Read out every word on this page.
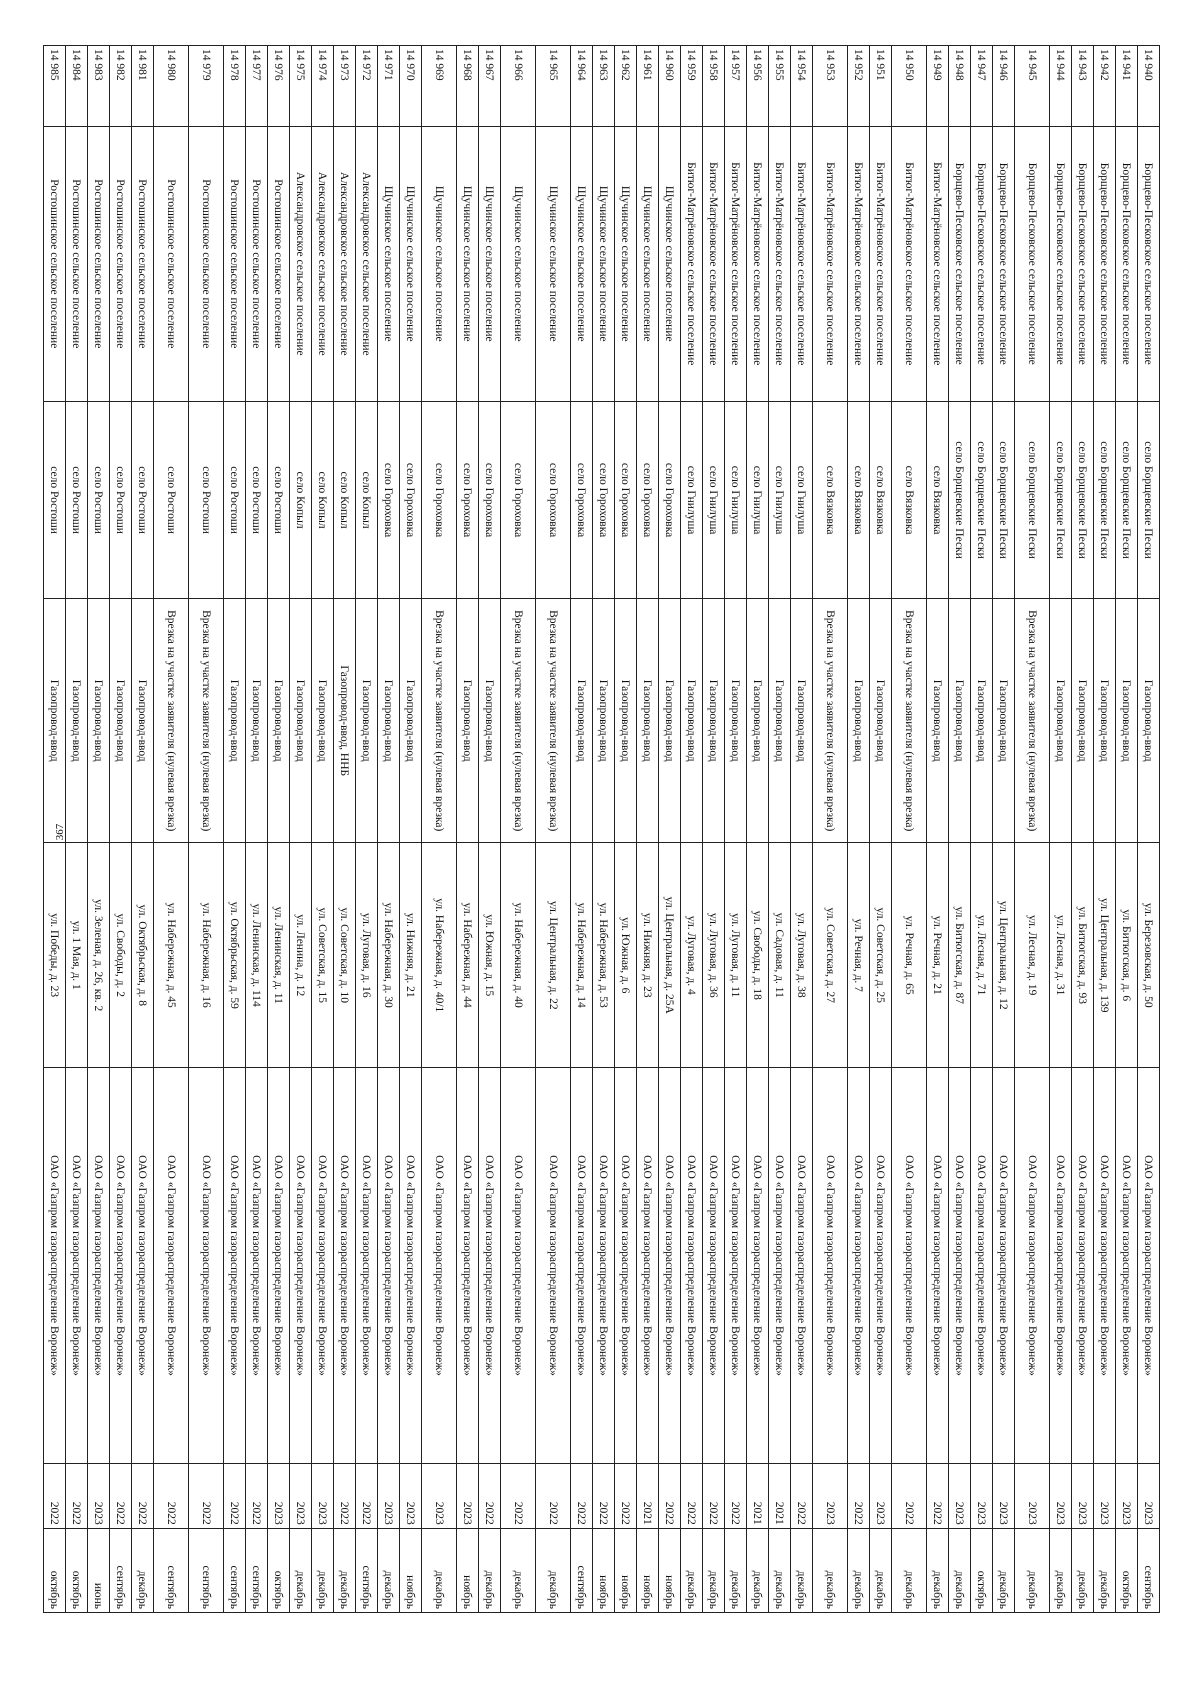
367
14 940	Борщево-Песковское сельское поселение	село Борщевские Пески	Газопровод-ввод	ул. Березовская, д. 50	ОАО «Газпром газораспределение Воронеж»	2023	сентябрь
14 941	Борщево-Песковское сельское поселение	село Борщевские Пески	Газопровод-ввод	ул. Битюгская, д. 6	ОАО «Газпром газораспределение Воронеж»	2023	октябрь
14 942	Борщево-Песковское сельское поселение	село Борщевские Пески	Газопровод-ввод	ул. Центральная, д. 139	ОАО «Газпром газораспределение Воронеж»	2023	декабрь
14 943	Борщево-Песковское сельское поселение	село Борщевские Пески	Газопровод-ввод	ул. Битюгская, д. 93	ОАО «Газпром газораспределение Воронеж»	2023	декабрь
14 944	Борщево-Песковское сельское поселение	село Борщевские Пески	Газопровод-ввод	ул. Лесная, д. 31	ОАО «Газпром газораспределение Воронеж»	2023	декабрь
14 945	Борщево-Песковское сельское поселение	село Борщевские Пески	Врезка на участке заявителя (нулевая врезка)	ул. Лесная, д. 19	ОАО «Газпром газораспределение Воронеж»	2023	декабрь
14 946	Борщево-Песковское сельское поселение	село Борщевские Пески	Газопровод-ввод	ул. Центральная, д. 12	ОАО «Газпром газораспределение Воронеж»	2023	декабрь
14 947	Борщево-Песковское сельское поселение	село Борщевские Пески	Газопровод-ввод	ул. Лесная, д. 71	ОАО «Газпром газораспределение Воронеж»	2023	октябрь
14 948	Борщево-Песковское сельское поселение	село Борщевские Пески	Газопровод-ввод	ул. Битюгская, д. 87	ОАО «Газпром газораспределение Воронеж»	2023	декабрь
14 949	Битюг-Матрёновское сельское поселение	село Вязковка	Газопровод-ввод	ул. Речная, д. 21	ОАО «Газпром газораспределение Воронеж»	2022	декабрь
14 950	Битюг-Матрёновское сельское поселение	село Вязковка	Врезка на участке заявителя (нулевая врезка)	ул. Речная, д. 65	ОАО «Газпром газораспределение Воронеж»	2022	декабрь
14 951	Битюг-Матрёновское сельское поселение	село Вязковка	Газопровод-ввод	ул. Советская, д. 25	ОАО «Газпром газораспределение Воронеж»	2023	декабрь
14 952	Битюг-Матрёновское сельское поселение	село Вязковка	Газопровод-ввод	ул. Речная, д. 7	ОАО «Газпром газораспределение Воронеж»	2022	декабрь
14 953	Битюг-Матрёновское сельское поселение	село Вязковка	Врезка на участке заявителя (нулевая врезка)	ул. Советская, д. 27	ОАО «Газпром газораспределение Воронеж»	2023	декабрь
14 954	Битюг-Матрёновское сельское поселение	село Гнилуша	Газопровод-ввод	ул. Луговая, д. 38	ОАО «Газпром газораспределение Воронеж»	2022	декабрь
14 955	Битюг-Матрёновское сельское поселение	село Гнилуша	Газопровод-ввод	ул. Садовая, д. 11	ОАО «Газпром газораспределение Воронеж»	2021	декабрь
14 956	Битюг-Матрёновское сельское поселение	село Гнилуша	Газопровод-ввод	ул. Свободы, д. 18	ОАО «Газпром газораспределение Воронеж»	2021	декабрь
14 957	Битюг-Матрёновское сельское поселение	село Гнилуша	Газопровод-ввод	ул. Луговая, д. 11	ОАО «Газпром газораспределение Воронеж»	2022	декабрь
14 958	Битюг-Матрёновское сельское поселение	село Гнилуша	Газопровод-ввод	ул. Луговая, д. 36	ОАО «Газпром газораспределение Воронеж»	2022	декабрь
14 959	Битюг-Матрёновское сельское поселение	село Гнилуша	Газопровод-ввод	ул. Луговая, д. 4	ОАО «Газпром газораспределение Воронеж»	2022	декабрь
14 960	Щучинское сельское поселение	село Гороховка	Газопровод-ввод	ул. Центральная, д. 25А	ОАО «Газпром газораспределение Воронеж»	2022	ноябрь
14 961	Щучинское сельское поселение	село Гороховка	Газопровод-ввод	ул. Нижняя, д. 23	ОАО «Газпром газораспределение Воронеж»	2021	ноябрь
14 962	Щучинское сельское поселение	село Гороховка	Газопровод-ввод	ул. Южная, д. 6	ОАО «Газпром газораспределение Воронеж»	2022	ноябрь
14 963	Щучинское сельское поселение	село Гороховка	Газопровод-ввод	ул. Набережная, д. 53	ОАО «Газпром газораспределение Воронеж»	2022	ноябрь
14 964	Щучинское сельское поселение	село Гороховка	Газопровод-ввод	ул. Набережная, д. 14	ОАО «Газпром газораспределение Воронеж»	2022	сентябрь
14 965	Щучинское сельское поселение	село Гороховка	Врезка на участке заявителя (нулевая врезка)	ул. Центральная, д. 22	ОАО «Газпром газораспределение Воронеж»	2022	декабрь
14 966	Щучинское сельское поселение	село Гороховка	Врезка на участке заявителя (нулевая врезка)	ул. Набережная, д. 40	ОАО «Газпром газораспределение Воронеж»	2022	декабрь
14 967	Щучинское сельское поселение	село Гороховка	Газопровод-ввод	ул. Южная, д. 15	ОАО «Газпром газораспределение Воронеж»	2022	декабрь
14 968	Щучинское сельское поселение	село Гороховка	Газопровод-ввод	ул. Набережная, д. 44	ОАО «Газпром газораспределение Воронеж»	2023	ноябрь
14 969	Щучинское сельское поселение	село Гороховка	Врезка на участке заявителя (нулевая врезка)	ул. Набережная, д. 40/1	ОАО «Газпром газораспределение Воронеж»	2023	декабрь
14 970	Щучинское сельское поселение	село Гороховка	Газопровод-ввод	ул. Нижняя, д. 21	ОАО «Газпром газораспределение Воронеж»	2023	ноябрь
14 971	Щучинское сельское поселение	село Гороховка	Газопровод-ввод	ул. Набережная, д. 30	ОАО «Газпром газораспределение Воронеж»	2023	декабрь
14 972	Александровское сельское поселение	село Копыл	Газопровод-ввод	ул. Луговая, д. 16	ОАО «Газпром газораспределение Воронеж»	2022	сентябрь
14 973	Александровское сельское поселение	село Копыл	Газопровод-ввод, ННБ	ул. Советская, д. 10	ОАО «Газпром газораспределение Воронеж»	2022	декабрь
14 974	Александровское сельское поселение	село Копыл	Газопровод-ввод	ул. Советская, д. 15	ОАО «Газпром газораспределение Воронеж»	2023	декабрь
14 975	Александровское сельское поселение	село Копыл	Газопровод-ввод	ул. Ленина, д. 12	ОАО «Газпром газораспределение Воронеж»	2023	декабрь
14 976	Ростошинское сельское поселение	село Ростоши	Газопровод-ввод	ул. Ленинская, д. 11	ОАО «Газпром газораспределение Воронеж»	2023	октябрь
14 977	Ростошинское сельское поселение	село Ростоши	Газопровод-ввод	ул. Ленинская, д. 114	ОАО «Газпром газораспределение Воронеж»	2022	сентябрь
14 978	Ростошинское сельское поселение	село Ростоши	Газопровод-ввод	ул. Октябрьская, д. 59	ОАО «Газпром газораспределение Воронеж»	2022	сентябрь
14 979	Ростошинское сельское поселение	село Ростоши	Врезка на участке заявителя (нулевая врезка)	ул. Набережная, д. 16	ОАО «Газпром газораспределение Воронеж»	2022	сентябрь
14 980	Ростошинское сельское поселение	село Ростоши	Врезка на участке заявителя (нулевая врезка)	ул. Набережная, д. 45	ОАО «Газпром газораспределение Воронеж»	2022	сентябрь
14 981	Ростошинское сельское поселение	село Ростоши	Газопровод-ввод	ул. Октябрьская, д. 8	ОАО «Газпром газораспределение Воронеж»	2022	декабрь
14 982	Ростошинское сельское поселение	село Ростоши	Газопровод-ввод	ул. Свободы, д. 2	ОАО «Газпром газораспределение Воронеж»	2022	сентябрь
14 983	Ростошинское сельское поселение	село Ростоши	Газопровод-ввод	ул. Зеленая, д. 26, кв. 2	ОАО «Газпром газораспределение Воронеж»	2023	июнь
14 984	Ростошинское сельское поселение	село Ростоши	Газопровод-ввод	ул. 1 Мая, д. 1	ОАО «Газпром газораспределение Воронеж»	2022	октябрь
14 985	Ростошинское сельское поселение	село Ростоши	Газопровод-ввод	ул. Победы, д. 23	ОАО «Газпром газораспределение Воронеж»	2022	октябрь
